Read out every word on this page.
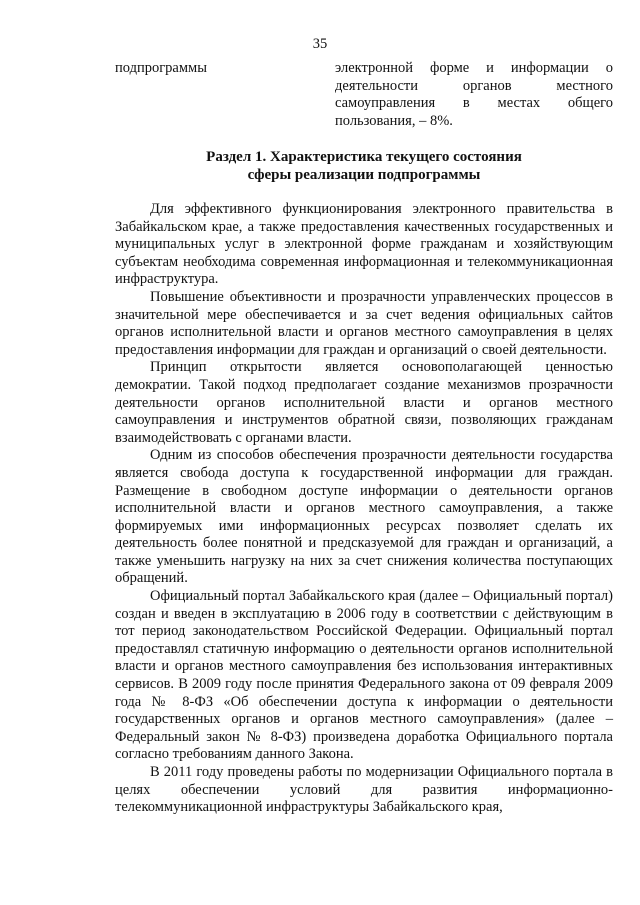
35
подпрограммы	электронной форме и информации о деятельности органов местного самоуправления в местах общего пользования, – 8%.
Раздел 1. Характеристика текущего состояния
сферы реализации подпрограммы

Для эффективного функционирования электронного правительства в Забайкальском крае, а также предоставления качественных государственных и муниципальных услуг в электронной форме гражданам и хозяйствующим субъектам необходима современная информационная и телекоммуникационная инфраструктура.

Повышение объективности и прозрачности управленческих процессов в значительной мере обеспечивается и за счет ведения официальных сайтов органов исполнительной власти и органов местного самоуправления в целях предоставления информации для граждан и организаций о своей деятельности.

Принцип открытости является основополагающей ценностью демократии. Такой подход предполагает создание механизмов прозрачности деятельности органов исполнительной власти и органов местного самоуправления и инструментов обратной связи, позволяющих гражданам взаимодействовать с органами власти.

Одним из способов обеспечения прозрачности деятельности государства является свобода доступа к государственной информации для граждан. Размещение в свободном доступе информации о деятельности органов исполнительной власти и органов местного самоуправления, а также формируемых ими информационных ресурсах позволяет сделать их деятельность более понятной и предсказуемой для граждан и организаций, а также уменьшить нагрузку на них за счет снижения количества поступающих обращений.

Официальный портал Забайкальского края (далее – Официальный портал) создан и введен в эксплуатацию в 2006 году в соответствии с действующим в тот период законодательством Российской Федерации. Официальный портал предоставлял статичную информацию о деятельности органов исполнительной власти и органов местного самоуправления без использования интерактивных сервисов. В 2009 году после принятия Федерального закона от 09 февраля 2009 года № 8-ФЗ «Об обеспечении доступа к информации о деятельности государственных органов и органов местного самоуправления» (далее – Федеральный закон № 8-ФЗ) произведена доработка Официального портала согласно требованиям данного Закона.

В 2011 году проведены работы по модернизации Официального портала в целях обеспечении условий для развития информационно-телекоммуникационной инфраструктуры Забайкальского края,
